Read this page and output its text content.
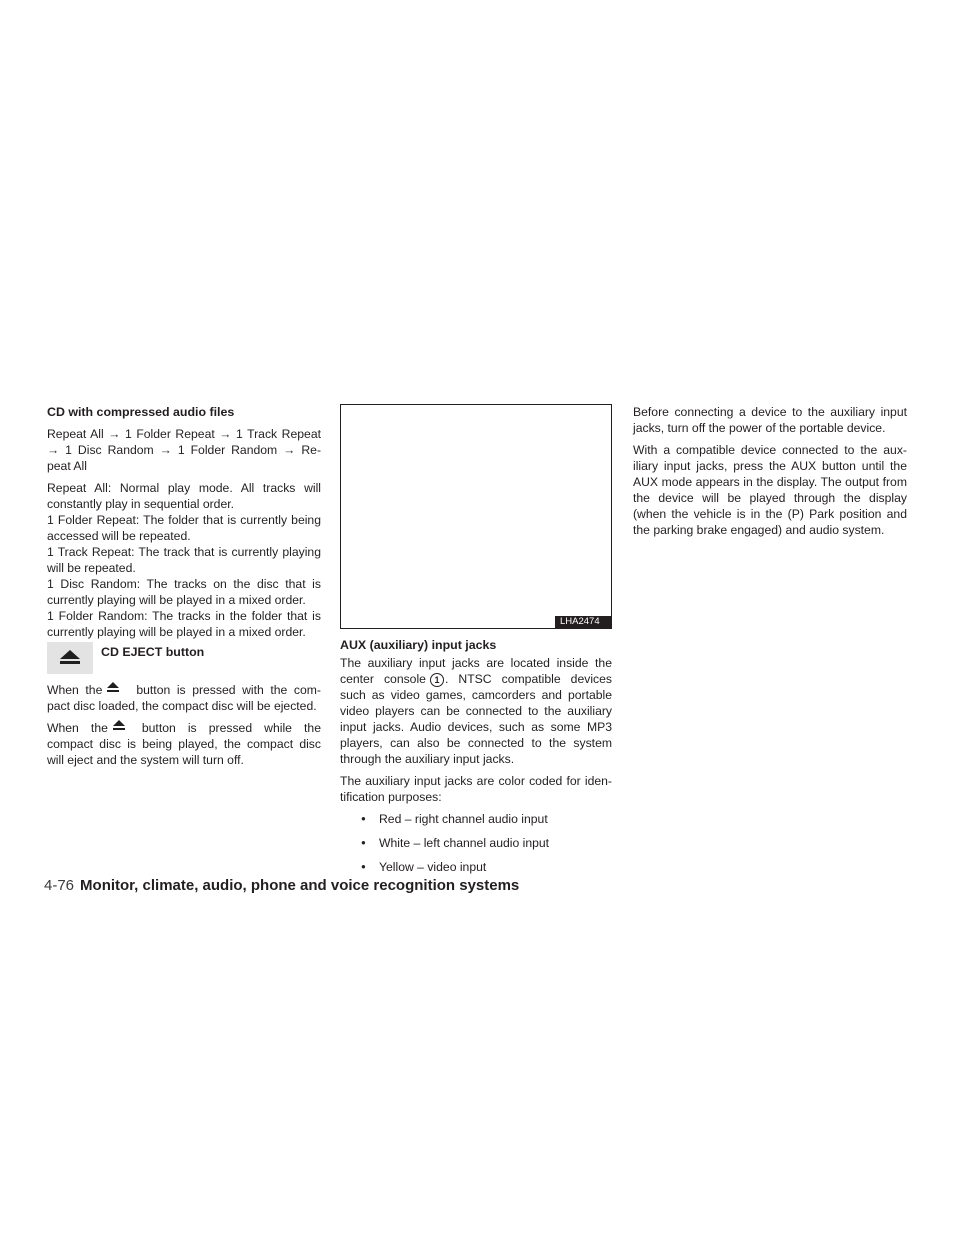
CD with compressed audio files

Repeat All → 1 Folder Repeat → 1 Track Repeat → 1 Disc Random → 1 Folder Random → Re-peat All

Repeat All: Normal play mode. All tracks will constantly play in sequential order.

1 Folder Repeat: The folder that is currently being accessed will be repeated.

1 Track Repeat: The track that is currently playing will be repeated.

1 Disc Random: The tracks on the disc that is currently playing will be played in a mixed order.

1 Folder Random: The tracks in the folder that is currently playing will be played in a mixed order.

CD EJECT button

When the	button is pressed with the com-pact disc loaded, the compact disc will be ejected.

When the	button is pressed while the compact disc is being played, the compact disc will eject and the system will turn off.

LHA2474
AUX (auxiliary) input jacks

The auxiliary input jacks are located inside the center console 1 . NTSC compatible devices such as video games, camcorders and portable video players can be connected to the auxiliary input jacks. Audio devices, such as some MP3 players, can also be connected to the system through the auxiliary input jacks.

The auxiliary input jacks are color coded for iden-tification purposes:

● Red – right channel audio input
● White – left channel audio input
● Yellow – video input

Before connecting a device to the auxiliary input jacks, turn off the power of the portable device.

With a compatible device connected to the aux-iliary input jacks, press the AUX button until the AUX mode appears in the display. The output from the device will be played through the display (when the vehicle is in the (P) Park position and the parking brake engaged) and audio system.

4-76 Monitor, climate, audio, phone and voice recognition systems
